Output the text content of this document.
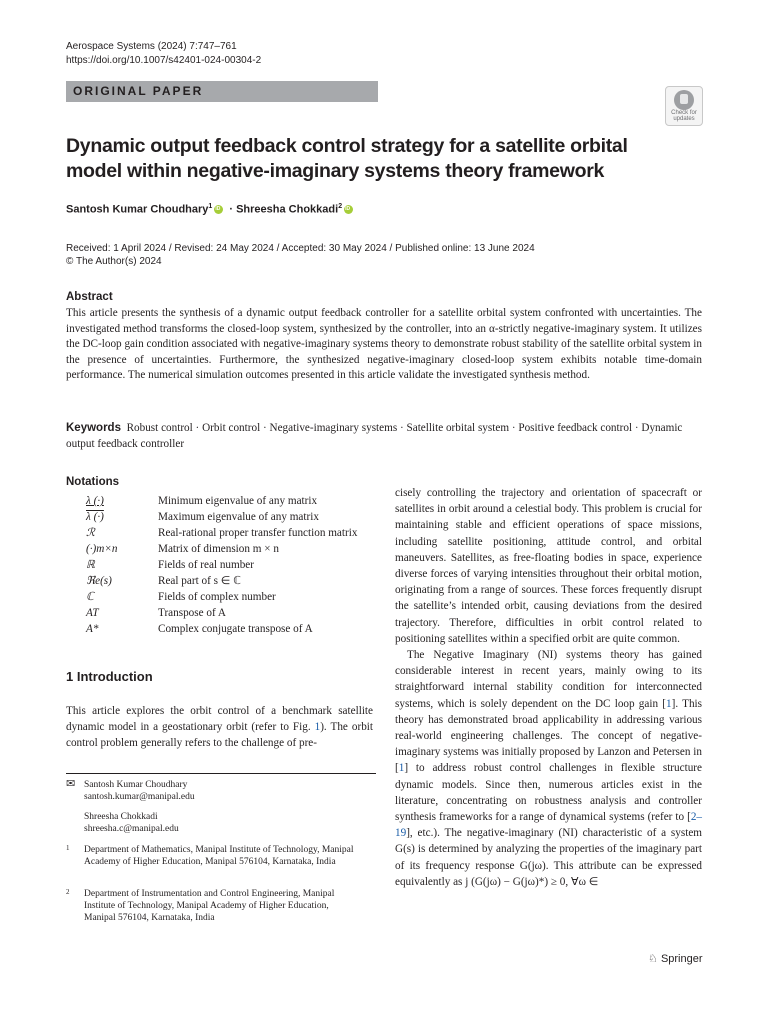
Aerospace Systems (2024) 7:747–761
https://doi.org/10.1007/s42401-024-00304-2
ORIGINAL PAPER
Check for
updates
Dynamic output feedback control strategy for a satellite orbital model within negative-imaginary systems theory framework
Santosh Kumar Choudhary$^1$iD · Shreesha Chokkadi$^2$iD
Received: 1 April 2024 / Revised: 24 May 2024 / Accepted: 30 May 2024 / Published online: 13 June 2024
© The Author(s) 2024
Abstract
This article presents the synthesis of a dynamic output feedback controller for a satellite orbital system confronted with uncertainties. The investigated method transforms the closed-loop system, synthesized by the controller, into an α-strictly negative-imaginary system. It utilizes the DC-loop gain condition associated with negative-imaginary systems theory to demonstrate robust stability of the satellite orbital system in the presence of uncertainties. Furthermore, the synthesized negative-imaginary closed-loop system exhibits notable time-domain performance. The numerical simulation outcomes presented in this article validate the investigated synthesis method.
Keywords Robust control · Orbit control · Negative-imaginary systems · Satellite orbital system · Positive feedback control · Dynamic output feedback controller
Notations
λ (·)	Minimum eigenvalue of any matrix
λ (·)	Maximum eigenvalue of any matrix
ℛ	Real-rational proper transfer function matrix
(·)m×n	Matrix of dimension m × n
ℝ	Fields of real number
ℜe(s)	Real part of s ∈ ℂ
ℂ	Fields of complex number
AT	Transpose of A
A*	Complex conjugate transpose of A
1 Introduction
This article explores the orbit control of a benchmark satellite dynamic model in a geostationary orbit (refer to Fig. 1). The orbit control problem generally refers to the challenge of pre-
✉ Santosh Kumar Choudhary
santosh.kumar@manipal.edu
Shreesha Chokkadi
shreesha.c@manipal.edu
1 Department of Mathematics, Manipal Institute of Technology, Manipal Academy of Higher Education, Manipal 576104, Karnataka, India
2 Department of Instrumentation and Control Engineering, Manipal Institute of Technology, Manipal Academy of Higher Education, Manipal 576104, Karnataka, India

cisely controlling the trajectory and orientation of spacecraft or satellites in orbit around a celestial body. This problem is crucial for maintaining stable and efficient operations of space missions, including satellite positioning, attitude control, and orbital maneuvers. Satellites, as free-floating bodies in space, experience diverse forces of varying intensities throughout their orbital motion, originating from a range of sources. These forces frequently disrupt the satellite’s intended orbit, causing deviations from the desired trajectory. Therefore, difficulties in orbit control related to positioning satellites within a specified orbit are quite common.

The Negative Imaginary (NI) systems theory has gained considerable interest in recent years, mainly owing to its straightforward internal stability condition for interconnected systems, which is solely dependent on the DC loop gain [1]. This theory has demonstrated broad applicability in addressing various real-world engineering challenges. The concept of negative-imaginary systems was initially proposed by Lanzon and Petersen in [1] to address robust control challenges in flexible structure dynamic models. Since then, numerous articles exist in the literature, concentrating on robustness analysis and controller synthesis frameworks for a range of dynamical systems (refer to [2–19], etc.). The negative-imaginary (NI) characteristic of a system G(s) is determined by analyzing the properties of the imaginary part of its frequency response G(jω). This attribute can be expressed equivalently as j (G(jω) − G(jω)*) ≥ 0, ∀ω ∈

♘ Springer
